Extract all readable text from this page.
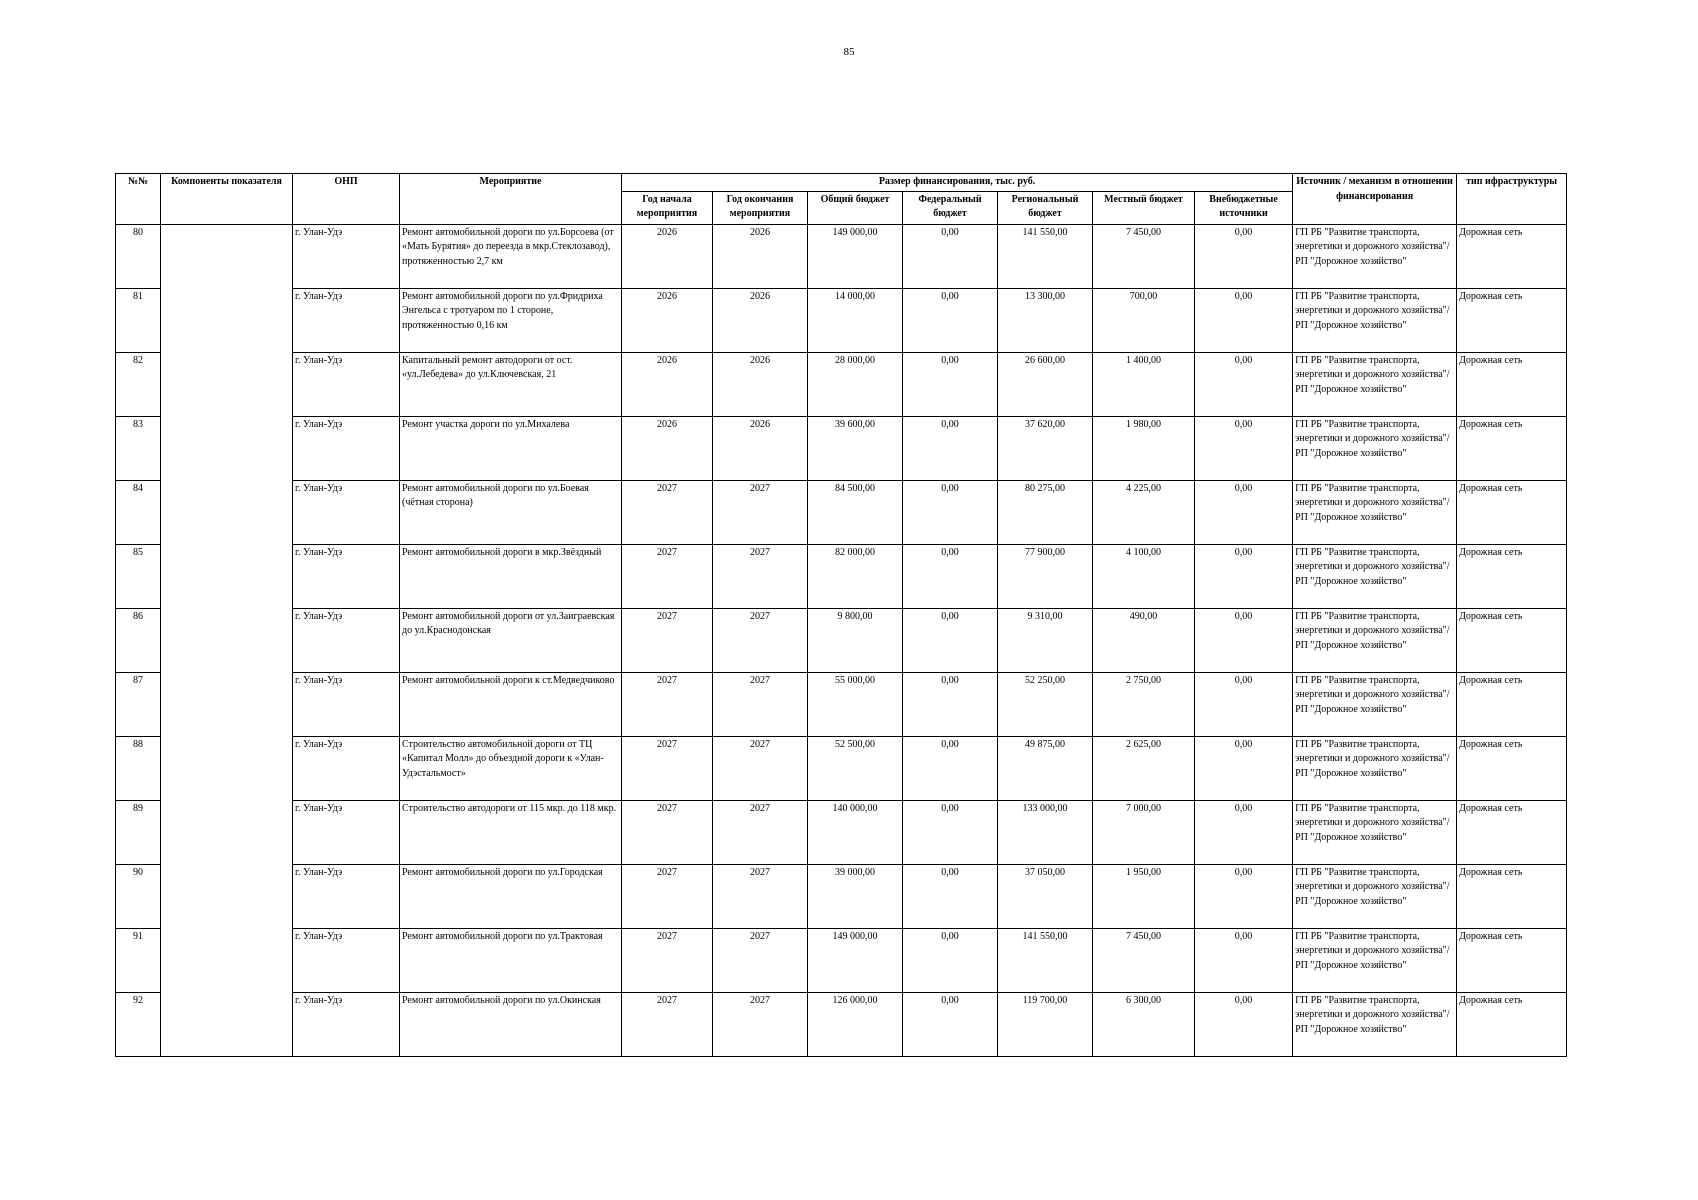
85
№№	Компоненты показателя	ОНП	Мероприятие	Размер финансирования, тыс. руб.							Источник / механизм в отношении финансирования	тип ифраструктуры
				Год начала мероприятия	Год окончания мероприятия	Общий бюджет	Федеральный бюджет	Региональный бюджет	Местный бюджет	Внебюджетные источники		
80		г. Улан-Удэ	Ремонт автомобильной дороги по ул.Борсоева (от «Мать Бурятия» до переезда в мкр.Стеклозавод), протяженностью 2,7 км	2026	2026	149 000,00	0,00	141 550,00	7 450,00	0,00	ГП РБ "Развитие транспорта, энергетики и дорожного хозяйства"/РП "Дорожное хозяйство"	Дорожная сеть
81		г. Улан-Удэ	Ремонт автомобильной дороги по ул.Фридриха Энгельса с тротуаром по 1 стороне, протяженностью 0,16 км	2026	2026	14 000,00	0,00	13 300,00	700,00	0,00	ГП РБ "Развитие транспорта, энергетики и дорожного хозяйства"/РП "Дорожное хозяйство"	Дорожная сеть
82		г. Улан-Удэ	Капитальный ремонт автодороги от ост. «ул.Лебедева» до ул.Ключевская, 21	2026	2026	28 000,00	0,00	26 600,00	1 400,00	0,00	ГП РБ "Развитие транспорта, энергетики и дорожного хозяйства"/РП "Дорожное хозяйство"	Дорожная сеть
83		г. Улан-Удэ	Ремонт участка дороги по ул.Михалева	2026	2026	39 600,00	0,00	37 620,00	1 980,00	0,00	ГП РБ "Развитие транспорта, энергетики и дорожного хозяйства"/РП "Дорожное хозяйство"	Дорожная сеть
84		г. Улан-Удэ	Ремонт автомобильной дороги по ул.Боевая (чётная сторона)	2027	2027	84 500,00	0,00	80 275,00	4 225,00	0,00	ГП РБ "Развитие транспорта, энергетики и дорожного хозяйства"/РП "Дорожное хозяйство"	Дорожная сеть
85		г. Улан-Удэ	Ремонт автомобильной дороги в мкр.Звёздный	2027	2027	82 000,00	0,00	77 900,00	4 100,00	0,00	ГП РБ "Развитие транспорта, энергетики и дорожного хозяйства"/РП "Дорожное хозяйство"	Дорожная сеть
86		г. Улан-Удэ	Ремонт автомобильной дороги от ул.Заиграевская до ул.Краснодонская	2027	2027	9 800,00	0,00	9 310,00	490,00	0,00	ГП РБ "Развитие транспорта, энергетики и дорожного хозяйства"/РП "Дорожное хозяйство"	Дорожная сеть
87		г. Улан-Удэ	Ремонт автомобильной дороги к ст.Медведчиково	2027	2027	55 000,00	0,00	52 250,00	2 750,00	0,00	ГП РБ "Развитие транспорта, энергетики и дорожного хозяйства"/РП "Дорожное хозяйство"	Дорожная сеть
88		г. Улан-Удэ	Строительство автомобильной дороги от ТЦ «Капитал Молл» до объездной дороги к «Улан-Удэстальмост»	2027	2027	52 500,00	0,00	49 875,00	2 625,00	0,00	ГП РБ "Развитие транспорта, энергетики и дорожного хозяйства"/РП "Дорожное хозяйство"	Дорожная сеть
89		г. Улан-Удэ	Строительство автодороги от 115 мкр. до 118 мкр.	2027	2027	140 000,00	0,00	133 000,00	7 000,00	0,00	ГП РБ "Развитие транспорта, энергетики и дорожного хозяйства"/РП "Дорожное хозяйство"	Дорожная сеть
90		г. Улан-Удэ	Ремонт автомобильной дороги по ул.Городская	2027	2027	39 000,00	0,00	37 050,00	1 950,00	0,00	ГП РБ "Развитие транспорта, энергетики и дорожного хозяйства"/РП "Дорожное хозяйство"	Дорожная сеть
91		г. Улан-Удэ	Ремонт автомобильной дороги по ул.Трактовая	2027	2027	149 000,00	0,00	141 550,00	7 450,00	0,00	ГП РБ "Развитие транспорта, энергетики и дорожного хозяйства"/РП "Дорожное хозяйство"	Дорожная сеть
92		г. Улан-Удэ	Ремонт автомобильной дороги по ул.Окинская	2027	2027	126 000,00	0,00	119 700,00	6 300,00	0,00	ГП РБ "Развитие транспорта, энергетики и дорожного хозяйства"/РП "Дорожное хозяйство"	Дорожная сеть
